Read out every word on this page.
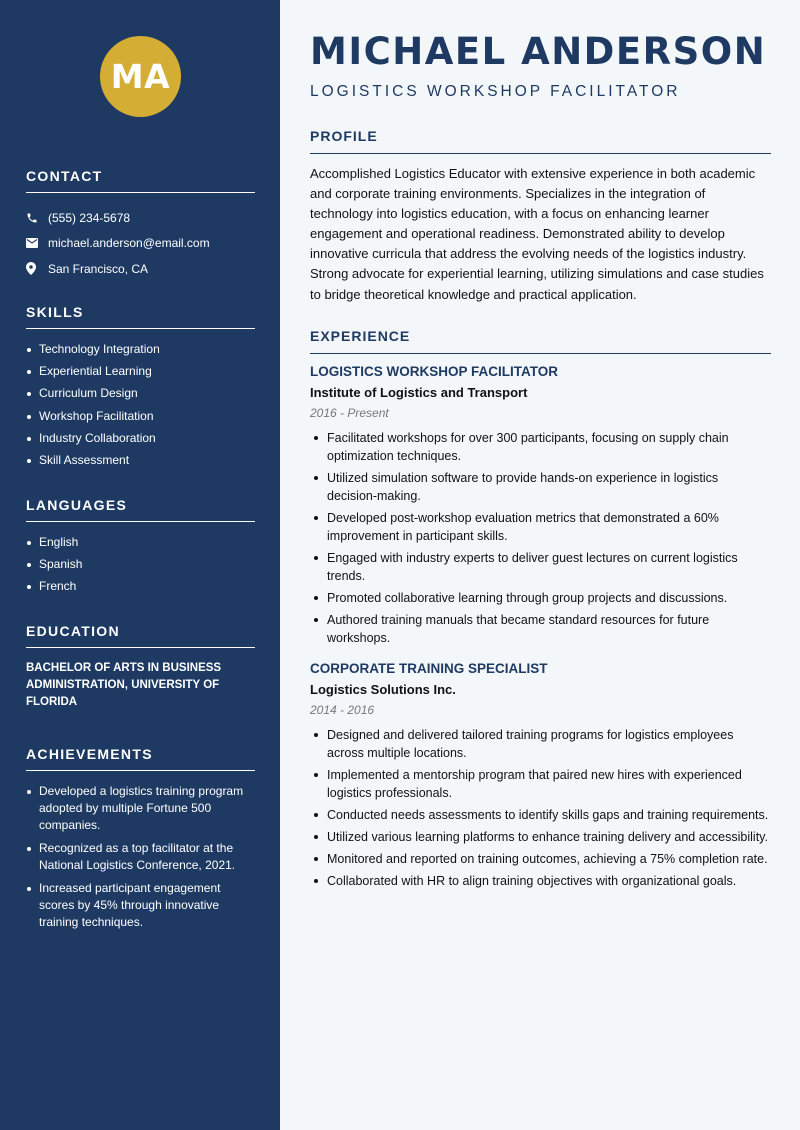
MA
CONTACT
(555) 234-5678
michael.anderson@email.com
San Francisco, CA
SKILLS
Technology Integration
Experiential Learning
Curriculum Design
Workshop Facilitation
Industry Collaboration
Skill Assessment
LANGUAGES
English
Spanish
French
EDUCATION

BACHELOR OF ARTS IN BUSINESS ADMINISTRATION, UNIVERSITY OF FLORIDA

ACHIEVEMENTS
Developed a logistics training program adopted by multiple Fortune 500 companies.
Recognized as a top facilitator at the National Logistics Conference, 2021.
Increased participant engagement scores by 45% through innovative training techniques.
MICHAEL ANDERSON
LOGISTICS WORKSHOP FACILITATOR
PROFILE

Accomplished Logistics Educator with extensive experience in both academic and corporate training environments. Specializes in the integration of technology into logistics education, with a focus on enhancing learner engagement and operational readiness. Demonstrated ability to develop innovative curricula that address the evolving needs of the logistics industry. Strong advocate for experiential learning, utilizing simulations and case studies to bridge theoretical knowledge and practical application.

EXPERIENCE
LOGISTICS WORKSHOP FACILITATOR
Institute of Logistics and Transport
2016 - Present
Facilitated workshops for over 300 participants, focusing on supply chain optimization techniques.
Utilized simulation software to provide hands-on experience in logistics decision-making.
Developed post-workshop evaluation metrics that demonstrated a 60% improvement in participant skills.
Engaged with industry experts to deliver guest lectures on current logistics trends.
Promoted collaborative learning through group projects and discussions.
Authored training manuals that became standard resources for future workshops.
CORPORATE TRAINING SPECIALIST
Logistics Solutions Inc.
2014 - 2016
Designed and delivered tailored training programs for logistics employees across multiple locations.
Implemented a mentorship program that paired new hires with experienced logistics professionals.
Conducted needs assessments to identify skills gaps and training requirements.
Utilized various learning platforms to enhance training delivery and accessibility.
Monitored and reported on training outcomes, achieving a 75% completion rate.
Collaborated with HR to align training objectives with organizational goals.
